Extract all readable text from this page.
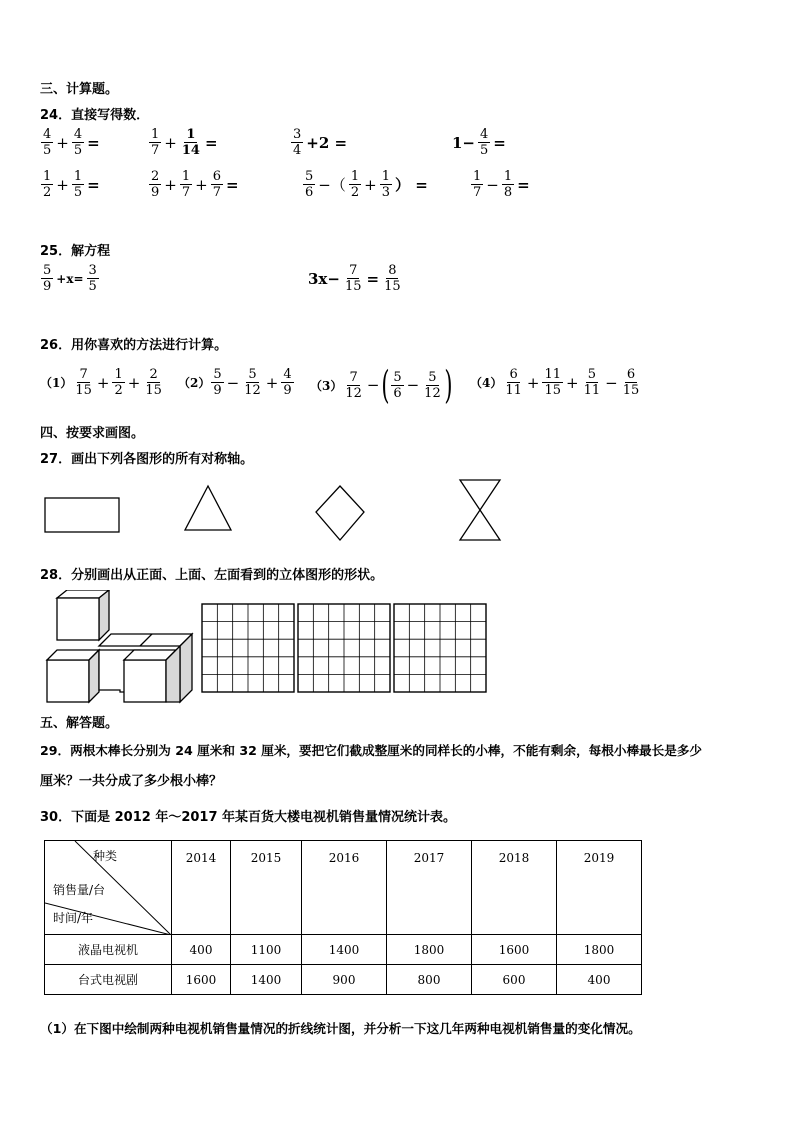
三、计算题。
24．直接写得数．
$\frac{4}{5} + \frac{4}{5}$ =	$\frac{1}{7} + \frac{1}{14}$ =	$\frac{3}{4} +2$ =	$1- \frac{4}{5}$ =
$\frac{1}{2} + \frac{1}{5}$ =	$\frac{2}{9} + \frac{1}{7} + \frac{6}{7}$ =	$\frac{5}{6}$ −（ $\frac{1}{2} + \frac{1}{3}$ ） =	$\frac{1}{7} - \frac{1}{8}$ =
25．解方程
$\frac{5}{9} +x= \frac{3}{5}$	$3x- \frac{7}{15} = \frac{8}{15}$
26．用你喜欢的方法进行计算。
$(1) \frac{7}{15} + \frac{1}{2} + \frac{2}{15} (2) \frac{5}{9} - \frac{5}{12} + \frac{4}{9} (3) \frac{7}{12}$ − ( $\frac{5}{6} - \frac{5}{12}$ ) $(4) \frac{6}{11} + \frac{11}{15} + \frac{5}{11} - \frac{6}{15}$
四、按要求画图。
27．画出下列各图形的所有对称轴。
28．分别画出从正面、上面、左面看到的立体图形的形状。
五、解答题。
29．两根木棒长分别为 24 厘米和 32 厘米，要把它们截成整厘米的同样长的小棒，不能有剩余，每根小棒最长是多少
厘米？一共分成了多少根小棒？
30．下面是 2012 年～2017 年某百货大楼电视机销售量情况统计表。
种类
销售量/台
时间/年	2014	2015	2016	2017	2018	2019
液晶电视机	400	1100	1400	1800	1600	1800
台式电视剧	1600	1400	900	800	600	400
（1）在下图中绘制两种电视机销售量情况的折线统计图，并分析一下这几年两种电视机销售量的变化情况。
